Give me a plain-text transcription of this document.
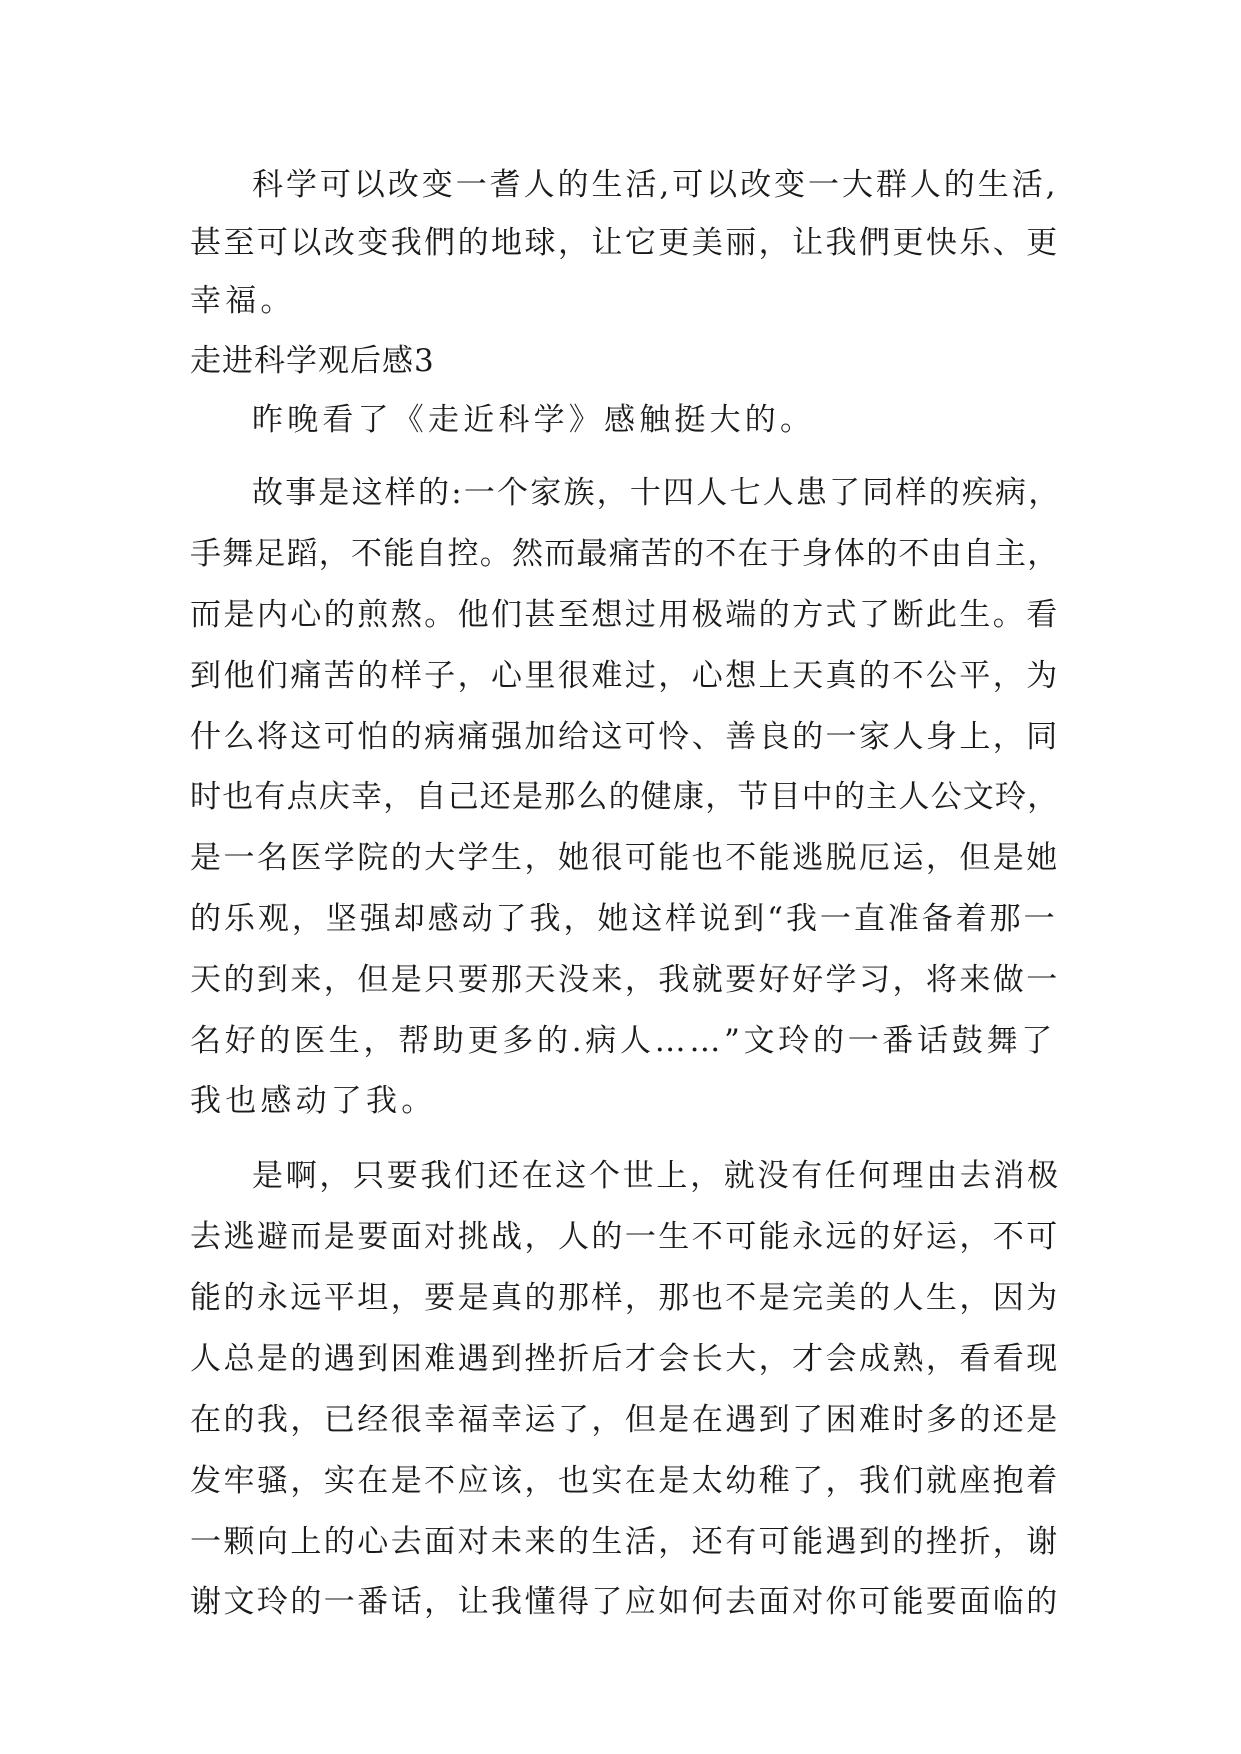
科学可以改变一耆人的生活,可以改变一大群人的生活,
甚至可以改变我們的地球，让它更美丽，让我們更快乐、更
幸福。
走进科学观后感3
昨晚看了《走近科学》感触挺大的。
故事是这样的:一个家族，十四人七人患了同样的疾病，
手舞足蹈，不能自控。然而最痛苦的不在于身体的不由自主，
而是内心的煎熬。他们甚至想过用极端的方式了断此生。看
到他们痛苦的样子，心里很难过，心想上天真的不公平，为
什么将这可怕的病痛强加给这可怜、善良的一家人身上，同
时也有点庆幸，自己还是那么的健康，节目中的主人公文玲，
是一名医学院的大学生，她很可能也不能逃脱厄运，但是她
的乐观，坚强却感动了我，她这样说到“我一直准备着那一
天的到来，但是只要那天没来，我就要好好学习，将来做一
名好的医生，帮助更多的.病人……”文玲的一番话鼓舞了
我也感动了我。
是啊，只要我们还在这个世上，就没有任何理由去消极
去逃避而是要面对挑战，人的一生不可能永远的好运，不可
能的永远平坦，要是真的那样，那也不是完美的人生，因为
人总是的遇到困难遇到挫折后才会长大，才会成熟，看看现
在的我，已经很幸福幸运了，但是在遇到了困难时多的还是
发牢骚，实在是不应该，也实在是太幼稚了，我们就座抱着
一颗向上的心去面对未来的生活，还有可能遇到的挫折，谢
谢文玲的一番话，让我懂得了应如何去面对你可能要面临的
